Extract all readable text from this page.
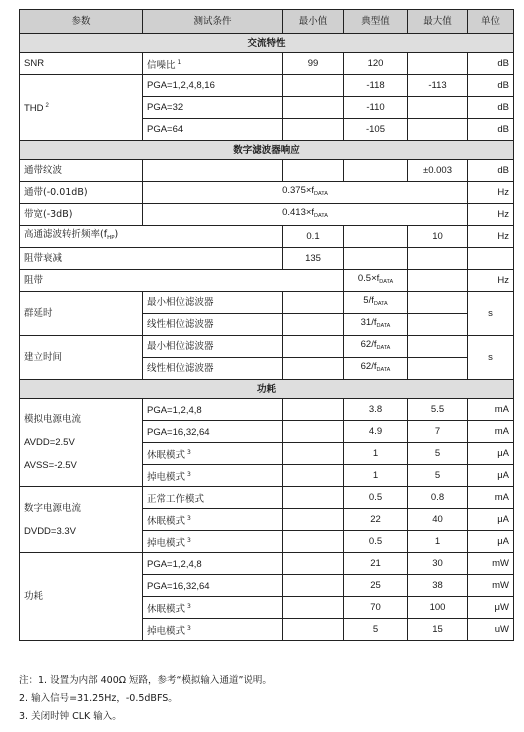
参数	测试条件	最小值	典型值	最大值	单位
交流特性					
SNR	信噪比 $^1$	99	120		dB
THD $^2$	PGA=1,2,4,8,16		-118	-113	dB
	PGA=32		-110		dB
	PGA=64		-105		dB
数字滤波器响应					
通带纹波				±0.003	dB
通带(-0.01dB)	$0.375\times f_{DATA}$				Hz
带宽(-3dB)	$0.413\times f_{DATA}$				Hz
高通滤波转折频率$(f_{HP})$		0.1		10	Hz
阻带衰减		135			
阻带			$0.5\times f_{DATA}$		Hz
群延时	最小相位滤波器		$5/f_{DATA}$		s
	线性相位滤波器		$31/f_{DATA}$	
建立时间	最小相位滤波器		$62/f_{DATA}$		s
	线性相位滤波器		$62/f_{DATA}$	
功耗					

模拟电源电流
AVDD=2.5V
AVSS=-2.5V	PGA=1,2,4,8		3.8	5.5	mA
	PGA=16,32,64		4.9	7	mA
	休眠模式 $^3$		1	5	μA
	掉电模式 $^3$		1	5	μA

数字电源电流
DVDD=3.3V	正常工作模式		0.5	0.8	mA
	休眠模式 $^3$		22	40	μA
	掉电模式 $^3$		0.5	1	μA
功耗	PGA=1,2,4,8		21	30	mW
	PGA=16,32,64		25	38	mW
	休眠模式 $^3$		70	100	μW
	掉电模式 $^3$		5	15	uW
注：1. 设置为内部 400Ω 短路，参考“模拟输入通道”说明。
2. 输入信号=31.25Hz，-0.5dBFS。
3. 关闭时钟 CLK 输入。
